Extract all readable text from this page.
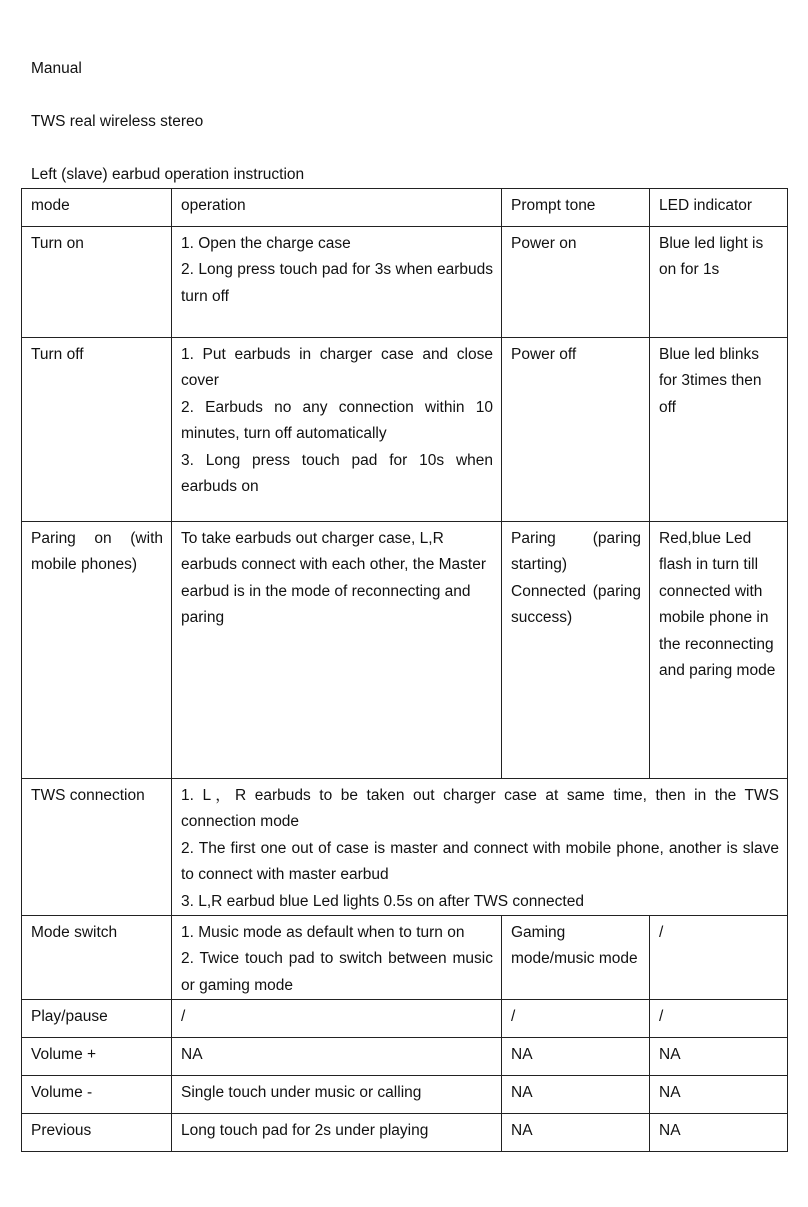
Manual
TWS real wireless stereo
Left (slave) earbud operation instruction
mode	operation	Prompt tone	LED indicator
Turn on	1. Open the charge case
2. Long press touch pad for 3s when earbuds turn off	Power on	Blue led light is on for 1s
Turn off	1. Put earbuds in charger case and close cover
2. Earbuds no any connection within 10 minutes, turn off automatically
3. Long press touch pad for 10s when earbuds on	Power off	Blue led blinks for 3times then off
Paring on (with mobile phones)	To take earbuds out charger case, L,R earbuds connect with each other, the Master earbud is in the mode of reconnecting and paring	Paring (paring starting) Connected (paring success)	Red,blue Led flash in turn till connected with mobile phone in the reconnecting and paring mode
TWS connection	1. L，R earbuds to be taken out charger case at same time, then in the TWS connection mode
2. The first one out of case is master and connect with mobile phone, another is slave to connect with master earbud
3. L,R earbud blue Led lights 0.5s on after TWS connected		

Mode switch	1. Music mode as default when to turn on
2. Twice touch pad to switch between music or gaming mode	Gaming mode/music mode	/
Play/pause	/	/	/
Volume +	NA	NA	NA
Volume -	Single touch under music or calling	NA	NA
Previous	Long touch pad for 2s under playing	NA	NA
